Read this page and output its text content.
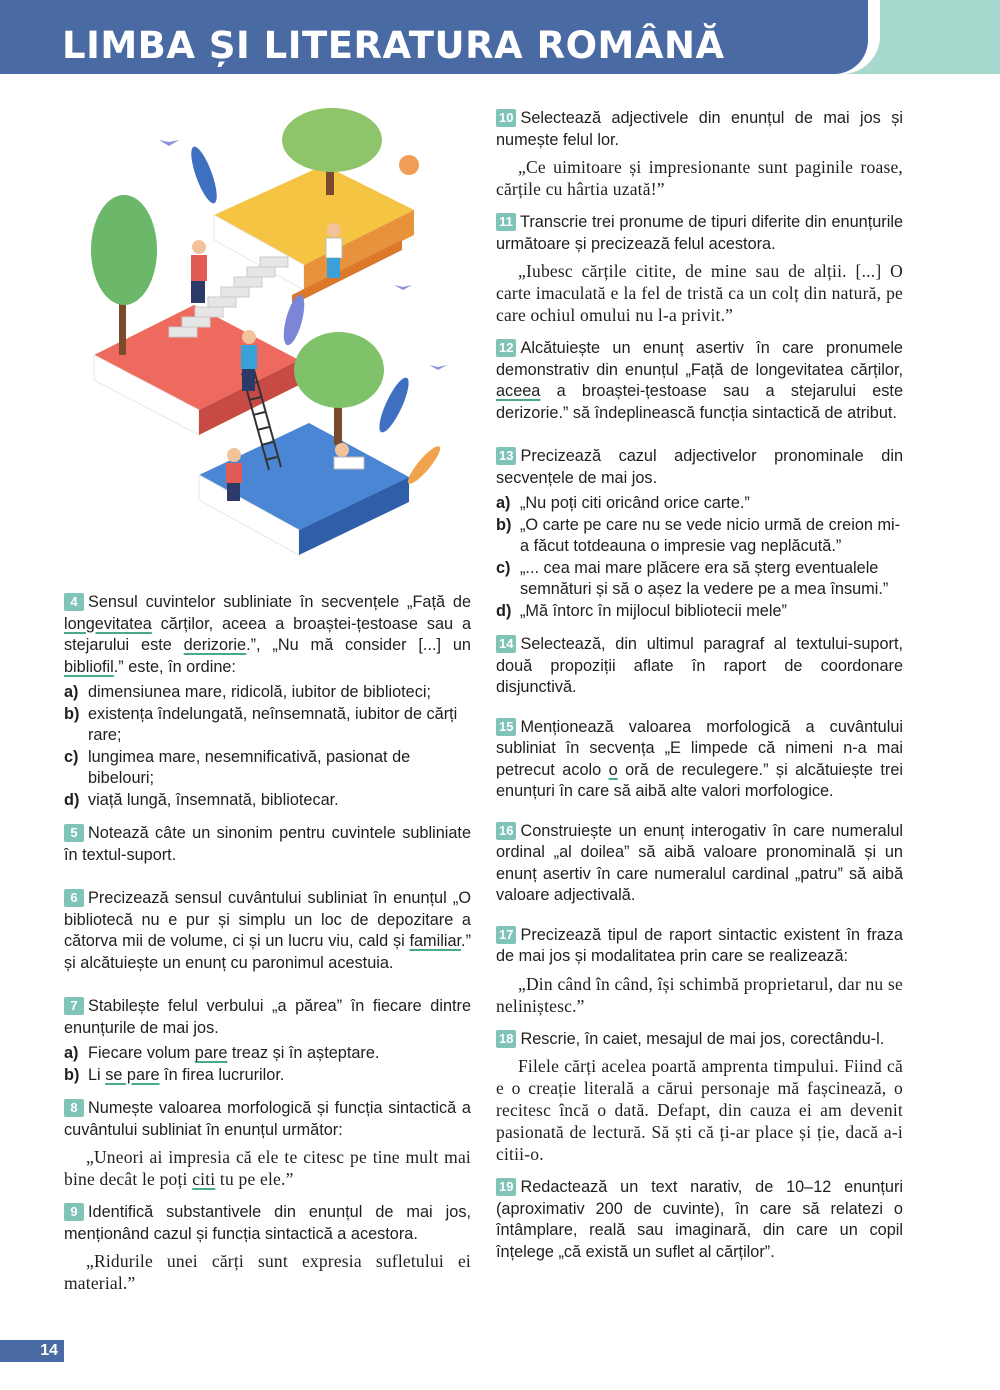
LIMBA ȘI LITERATURA ROMÂNĂ

4 Sensul cuvintelor subliniate în secvențele „Față de longevitatea cărților, aceea a broaștei-țestoase sau a stejarului este derizorie.”, „Nu mă consider [...] un bibliofil.” este, în ordine:

a) dimensiunea mare, ridicolă, iubitor de biblioteci;
b) existența îndelungată, neînsemnată, iubitor de cărți rare;
c) lungimea mare, nesemnificativă, pasionat de bibelouri;
d) viață lungă, însemnată, bibliotecar.

5 Notează câte un sinonim pentru cuvintele subliniate în textul-suport.

6 Precizează sensul cuvântului subliniat în enunțul „O bibliotecă nu e pur și simplu un loc de depozitare a cătorva mii de volume, ci și un lucru viu, cald și familiar.” și alcătuiește un enunț cu paronimul acestuia.

7 Stabilește felul verbului „a părea” în fiecare dintre enunțurile de mai jos.

a) Fiecare volum pare treaz și în așteptare.
b) Li se pare în firea lucrurilor.

8 Numește valoarea morfologică și funcția sintactică a cuvântului subliniat în enunțul următor:

„Uneori ai impresia că ele te citesc pe tine mult mai bine decât le poți citi tu pe ele.”

9 Identifică substantivele din enunțul de mai jos, menționând cazul și funcția sintactică a acestora.

„Ridurile unei cărți sunt expresia sufletului ei material.”

10 Selectează adjectivele din enunțul de mai jos și numește felul lor.

„Ce uimitoare și impresionante sunt paginile roase, cărțile cu hârtia uzată!”

11 Transcrie trei pronume de tipuri diferite din enunțurile următoare și precizează felul acestora.

„Iubesc cărțile citite, de mine sau de alții. [...] O carte imaculată e la fel de tristă ca un colț din natură, pe care ochiul omului nu l-a privit.”

12 Alcătuiește un enunț asertiv în care pronumele demonstrativ din enunțul „Față de longevitatea cărților, aceea a broaștei-țestoase sau a stejarului este derizorie.” să îndeplinească funcția sintactică de atribut.

13 Precizează cazul adjectivelor pronominale din secvențele de mai jos.

a) „Nu poți citi oricând orice carte.”
b) „O carte pe care nu se vede nicio urmă de creion mi-a făcut totdeauna o impresie vag neplăcută.”
c) „... cea mai mare plăcere era să șterg eventualele semnături și să o așez la vedere pe a mea însumi.”
d) „Mă întorc în mijlocul bibliotecii mele”

14 Selectează, din ultimul paragraf al textului-suport, două propoziții aflate în raport de coordonare disjunctivă.

15 Menționează valoarea morfologică a cuvântului subliniat în secvența „E limpede că nimeni n-a mai petrecut acolo o oră de reculegere.” și alcătuiește trei enunțuri în care să aibă alte valori morfologice.

16 Construiește un enunț interogativ în care numeralul ordinal „al doilea” să aibă valoare pronominală și un enunț asertiv în care numeralul cardinal „patru” să aibă valoare adjectivală.

17 Precizează tipul de raport sintactic existent în fraza de mai jos și modalitatea prin care se realizează:

„Din când în când, își schimbă proprietarul, dar nu se neliniștesc.”

18 Rescrie, în caiet, mesajul de mai jos, corectându-l.

Filele cărți acelea poartă amprenta timpului. Fiind că e o creație literală a cărui personaje mă fașcinează, o recitesc încă o dată. Defapt, din cauza ei am devenit pasionată de lectură. Să ști că ți-ar place și ție, dacă a-i citii-o.

19 Redactează un text narativ, de 10–12 enunțuri (aproximativ 200 de cuvinte), în care să relatezi o întâmplare, reală sau imaginară, din care un copil înțelege „că există un suflet al cărților”.

14
